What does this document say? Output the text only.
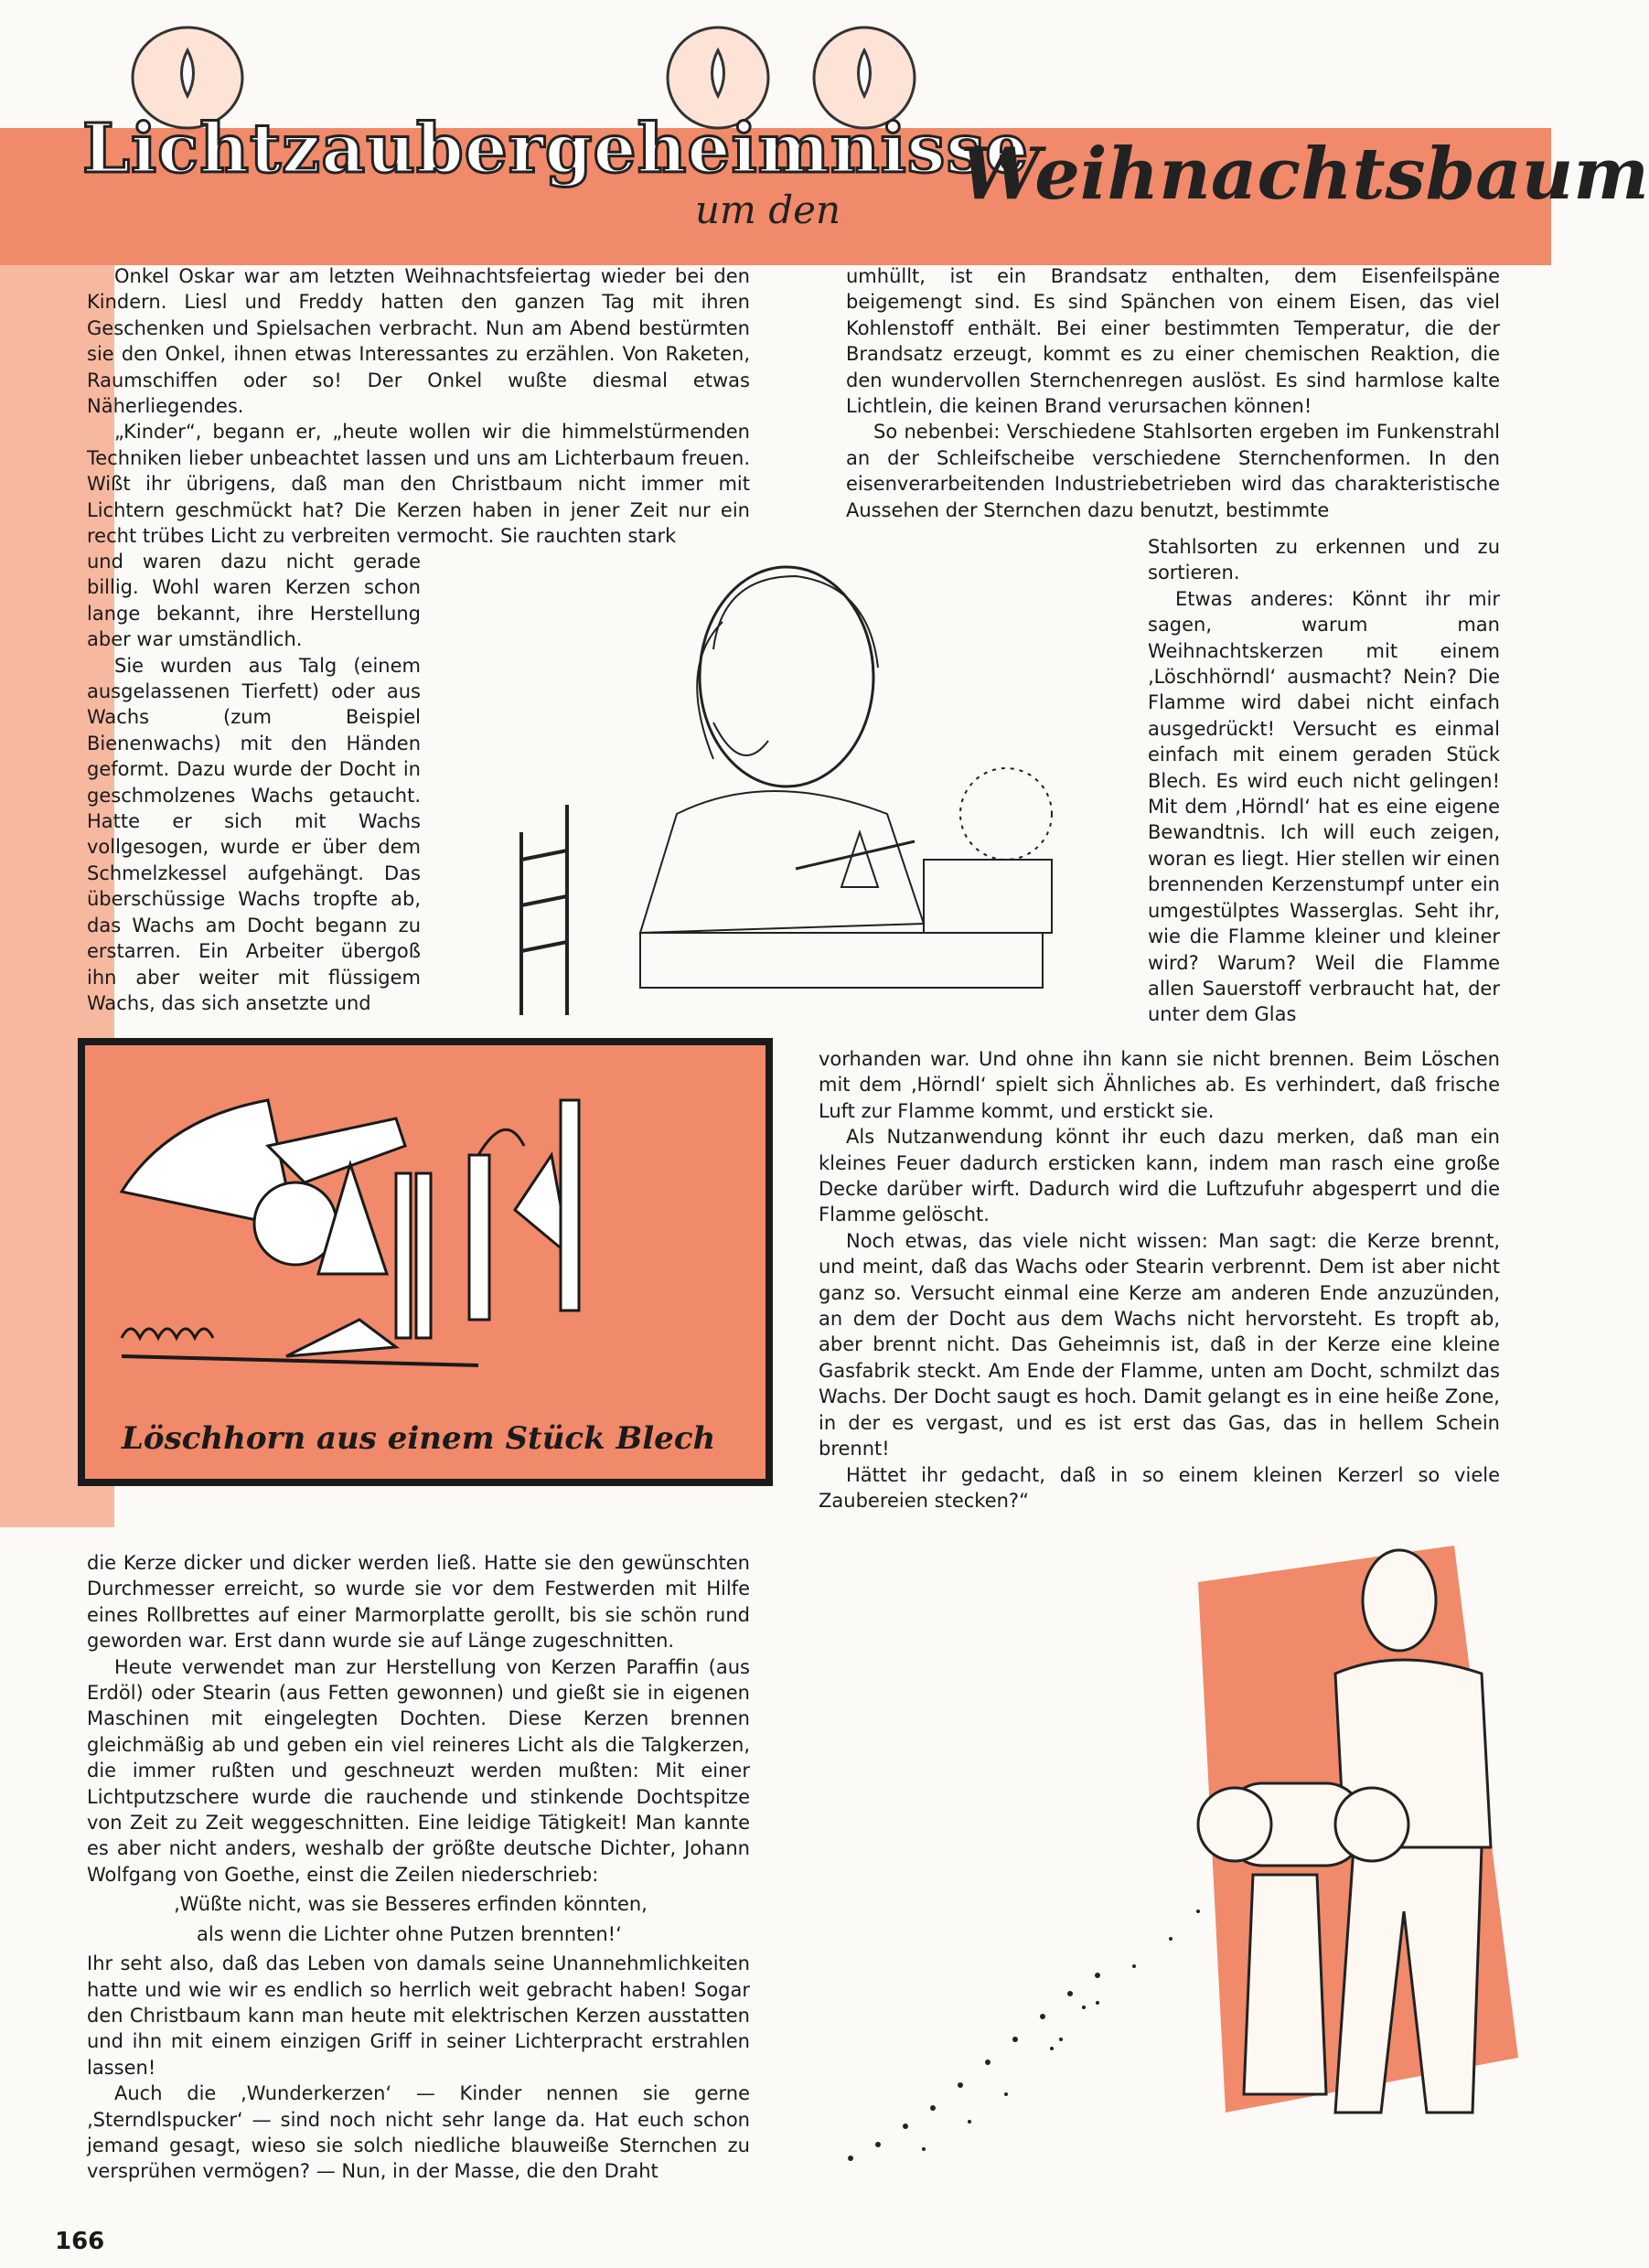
Lichtzaubergeheimnisse
um den Weihnachtsbaum

Onkel Oskar war am letzten Weihnachtsfeiertag wieder bei den Kindern. Liesl und Freddy hatten den ganzen Tag mit ihren Geschenken und Spielsachen verbracht. Nun am Abend bestürmten sie den Onkel, ihnen etwas Interessantes zu erzählen. Von Raketen, Raumschiffen oder so! Der Onkel wußte diesmal etwas Näherliegendes.

„Kinder“, begann er, „heute wollen wir die himmelstürmenden Techniken lieber unbeachtet lassen und uns am Lichterbaum freuen. Wißt ihr übrigens, daß man den Christbaum nicht immer mit Lichtern geschmückt hat? Die Kerzen haben in jener Zeit nur ein recht trübes Licht zu verbreiten vermocht. Sie rauchten stark

und waren dazu nicht gerade billig. Wohl waren Kerzen schon lange bekannt, ihre Herstellung aber war umständlich.

Sie wurden aus Talg (einem ausgelassenen Tierfett) oder aus Wachs (zum Beispiel Bienenwachs) mit den Händen geformt. Dazu wurde der Docht in geschmolzenes Wachs getaucht. Hatte er sich mit Wachs vollgesogen, wurde er über dem Schmelzkessel aufgehängt. Das überschüssige Wachs tropfte ab, das Wachs am Docht begann zu erstarren. Ein Arbeiter übergoß ihn aber weiter mit flüssigem Wachs, das sich ansetzte und

umhüllt, ist ein Brandsatz enthalten, dem Eisenfeilspäne beigemengt sind. Es sind Spänchen von einem Eisen, das viel Kohlenstoff enthält. Bei einer bestimmten Temperatur, die der Brandsatz erzeugt, kommt es zu einer chemischen Reaktion, die den wundervollen Sternchenregen auslöst. Es sind harmlose kalte Lichtlein, die keinen Brand verursachen können!

So nebenbei: Verschiedene Stahlsorten ergeben im Funkenstrahl an der Schleifscheibe verschiedene Sternchenformen. In den eisenverarbeitenden Industriebetrieben wird das charakteristische Aussehen der Sternchen dazu benutzt, bestimmte

Stahlsorten zu erkennen und zu sortieren.

Etwas anderes: Könnt ihr mir sagen, warum man Weihnachtskerzen mit einem ‚Löschhörndl‘ ausmacht? Nein? Die Flamme wird dabei nicht einfach ausgedrückt! Versucht es einmal einfach mit einem geraden Stück Blech. Es wird euch nicht gelingen! Mit dem ‚Hörndl‘ hat es eine eigene Bewandtnis. Ich will euch zeigen, woran es liegt. Hier stellen wir einen brennenden Kerzenstumpf unter ein umgestülptes Wasserglas. Seht ihr, wie die Flamme kleiner und kleiner wird? Warum? Weil die Flamme allen Sauerstoff verbraucht hat, der unter dem Glas

vorhanden war. Und ohne ihn kann sie nicht brennen. Beim Löschen mit dem ‚Hörndl‘ spielt sich Ähnliches ab. Es verhindert, daß frische Luft zur Flamme kommt, und erstickt sie.

Als Nutzanwendung könnt ihr euch dazu merken, daß man ein kleines Feuer dadurch ersticken kann, indem man rasch eine große Decke darüber wirft. Dadurch wird die Luftzufuhr abgesperrt und die Flamme gelöscht.

Noch etwas, das viele nicht wissen: Man sagt: die Kerze brennt, und meint, daß das Wachs oder Stearin verbrennt. Dem ist aber nicht ganz so. Versucht einmal eine Kerze am anderen Ende anzuzünden, an dem der Docht aus dem Wachs nicht hervorsteht. Es tropft ab, aber brennt nicht. Das Geheimnis ist, daß in der Kerze eine kleine Gasfabrik steckt. Am Ende der Flamme, unten am Docht, schmilzt das Wachs. Der Docht saugt es hoch. Damit gelangt es in eine heiße Zone, in der es vergast, und es ist erst das Gas, das in hellem Schein brennt!

Hättet ihr gedacht, daß in so einem kleinen Kerzerl so viele Zaubereien stecken?“

Löschhorn aus einem Stück Blech

die Kerze dicker und dicker werden ließ. Hatte sie den gewünschten Durchmesser erreicht, so wurde sie vor dem Festwerden mit Hilfe eines Rollbrettes auf einer Marmorplatte gerollt, bis sie schön rund geworden war. Erst dann wurde sie auf Länge zugeschnitten.

Heute verwendet man zur Herstellung von Kerzen Paraffin (aus Erdöl) oder Stearin (aus Fetten gewonnen) und gießt sie in eigenen Maschinen mit eingelegten Dochten. Diese Kerzen brennen gleichmäßig ab und geben ein viel reineres Licht als die Talgkerzen, die immer rußten und geschneuzt werden mußten: Mit einer Lichtputzschere wurde die rauchende und stinkende Dochtspitze von Zeit zu Zeit weggeschnitten. Eine leidige Tätigkeit! Man kannte es aber nicht anders, weshalb der größte deutsche Dichter, Johann Wolfgang von Goethe, einst die Zeilen niederschrieb:

‚Wüßte nicht, was sie Besseres erfinden könnten,
als wenn die Lichter ohne Putzen brennten!‘

Ihr seht also, daß das Leben von damals seine Unannehmlichkeiten hatte und wie wir es endlich so herrlich weit gebracht haben! Sogar den Christbaum kann man heute mit elektrischen Kerzen ausstatten und ihn mit einem einzigen Griff in seiner Lichterpracht erstrahlen lassen!

Auch die ‚Wunderkerzen‘ — Kinder nennen sie gerne ‚Sterndlspucker‘ — sind noch nicht sehr lange da. Hat euch schon jemand gesagt, wieso sie solch niedliche blauweiße Sternchen zu versprühen vermögen? — Nun, in der Masse, die den Draht

166
